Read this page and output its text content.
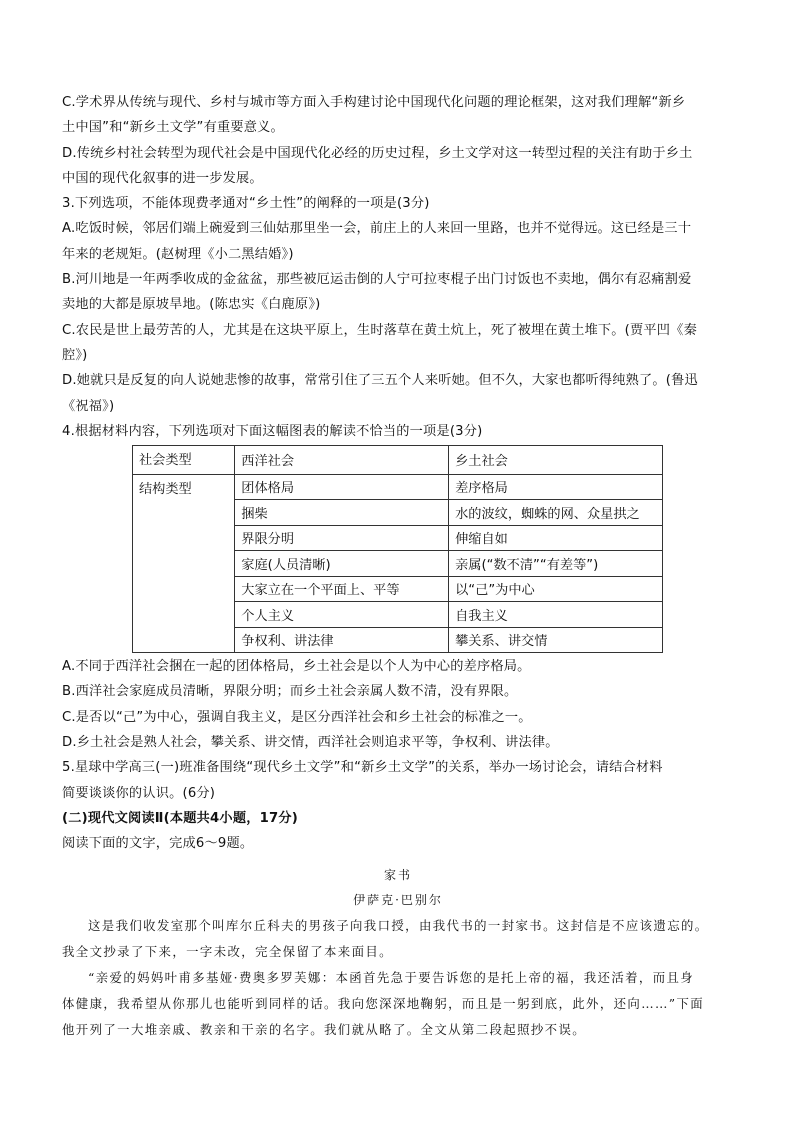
C.学术界从传统与现代、乡村与城市等方面入手构建讨论中国现代化问题的理论框架，这对我们理解“新乡

土中国”和“新乡土文学”有重要意义。

D.传统乡村社会转型为现代社会是中国现代化必经的历史过程，乡土文学对这一转型过程的关注有助于乡土

中国的现代化叙事的进一步发展。

3.下列选项，不能体现费孝通对“乡土性”的阐释的一项是(3分)

A.吃饭时候，邻居们端上碗爱到三仙姑那里坐一会，前庄上的人来回一里路，也并不觉得远。这已经是三十

年来的老规矩。(赵树理《小二黑结婚》)

B.河川地是一年两季收成的金盆盆，那些被厄运击倒的人宁可拉枣棍子出门讨饭也不卖地，偶尔有忍痛割爱

卖地的大都是原坡旱地。(陈忠实《白鹿原》)

C.农民是世上最劳苦的人，尤其是在这块平原上，生时落草在黄土炕上，死了被埋在黄土堆下。(贾平凹《秦

腔》)

D.她就只是反复的向人说她悲惨的故事，常常引住了三五个人来听她。但不久，大家也都听得纯熟了。(鲁迅

《祝福》)

4.根据材料内容，下列选项对下面这幅图表的解读不恰当的一项是(3分)

社会类型	西洋社会	乡土社会
结构类型	团体格局	差序格局
	捆柴	水的波纹，蜘蛛的网、众星拱之
	界限分明	伸缩自如
	家庭(人员清晰)	亲属(“数不清”“有差等”)
	大家立在一个平面上、平等	以“己”为中心
	个人主义	自我主义
	争权利、讲法律	攀关系、讲交情

A.不同于西洋社会捆在一起的团体格局，乡土社会是以个人为中心的差序格局。

B.西洋社会家庭成员清晰，界限分明；而乡土社会亲属人数不清，没有界限。

C.是否以“己”为中心，强调自我主义，是区分西洋社会和乡土社会的标准之一。

D.乡土社会是熟人社会，攀关系、讲交情，西洋社会则追求平等，争权利、讲法律。

5.星球中学高三(一)班准备围绕“现代乡土文学”和“新乡土文学”的关系，举办一场讨论会，请结合材料

简要谈谈你的认识。(6分)

(二)现代文阅读Ⅱ(本题共4小题，17分)

阅读下面的文字，完成6～9题。

家书

伊萨克·巴别尔

这是我们收发室那个叫库尔丘科夫的男孩子向我口授，由我代书的一封家书。这封信是不应该遗忘的。

我全文抄录了下来，一字未改，完全保留了本来面目。

“亲爱的妈妈叶甫多基娅·费奥多罗芙娜：本函首先急于要告诉您的是托上帝的福，我还活着，而且身

体健康，我希望从你那儿也能听到同样的话。我向您深深地鞠躬，而且是一躬到底，此外，还向……”下面

他开列了一大堆亲戚、教亲和干亲的名字。我们就从略了。全文从第二段起照抄不误。
